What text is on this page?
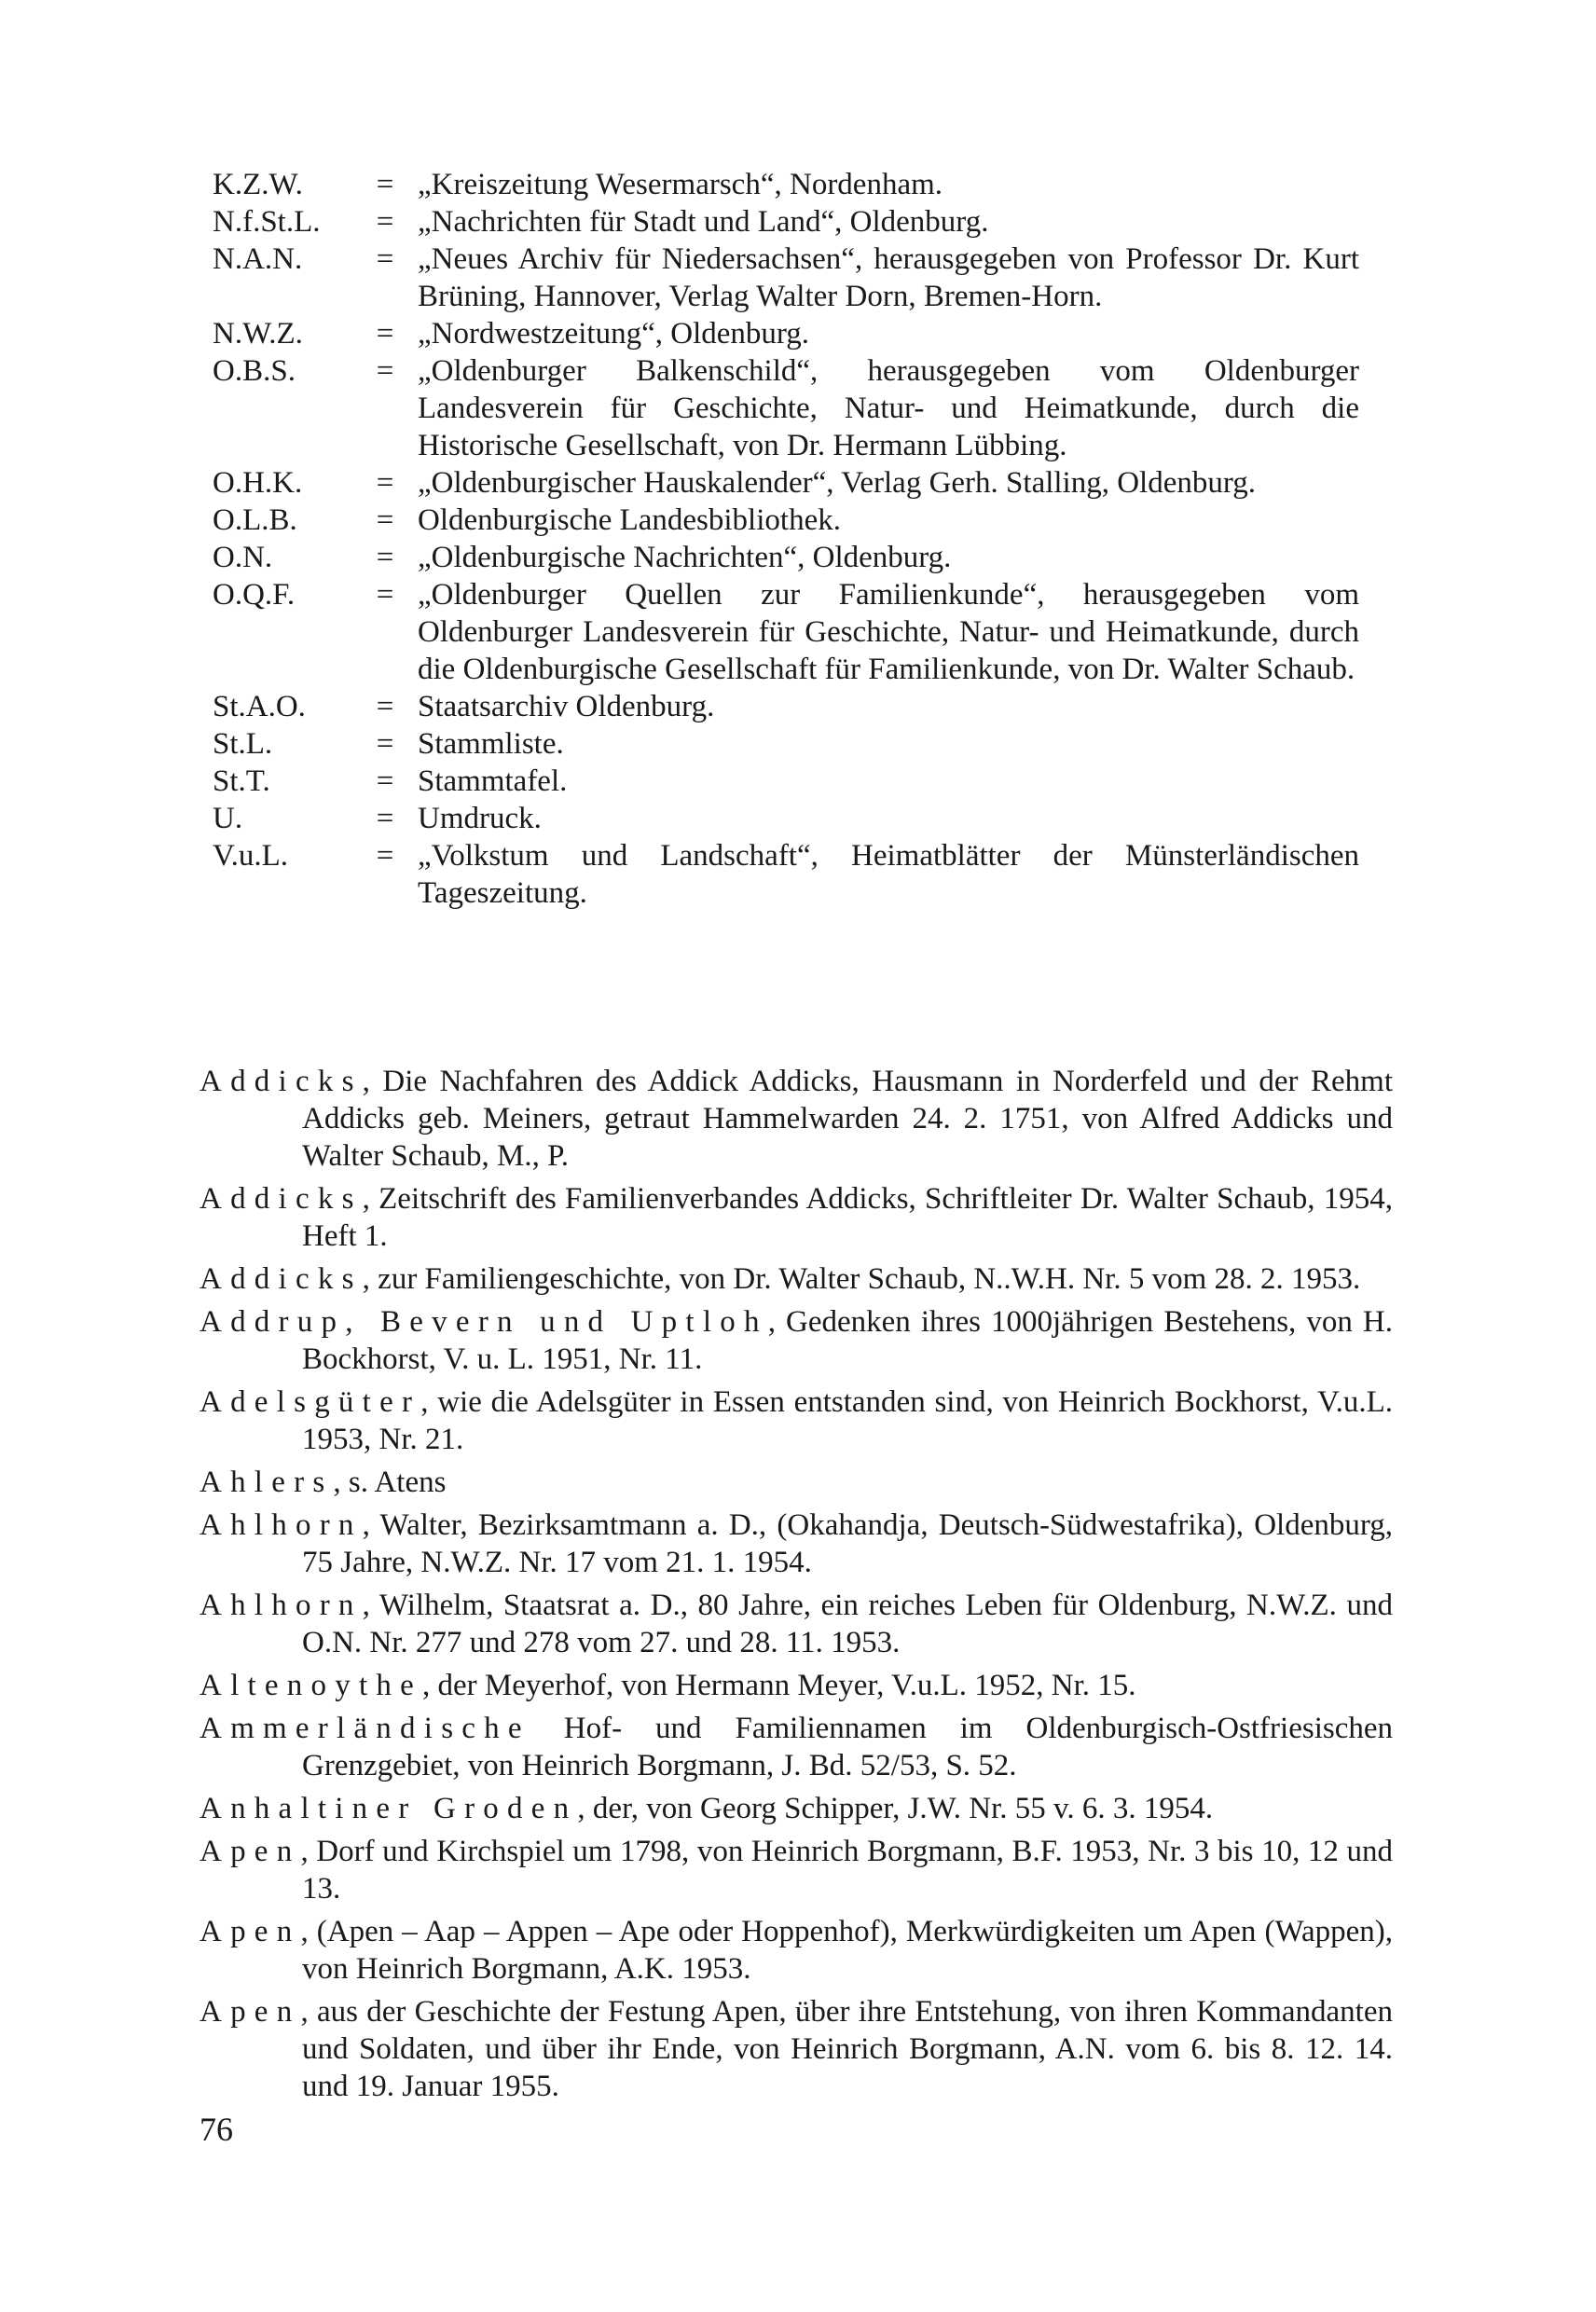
K.Z.W.	= „Kreiszeitung Wesermarsch“, Nordenham.
N.f.St.L.	= „Nachrichten für Stadt und Land“, Oldenburg.
N.A.N.	= „Neues Archiv für Niedersachsen“, herausgegeben von Professor Dr. Kurt Brüning, Hannover, Verlag Walter Dorn, Bremen-Horn.
N.W.Z.	= „Nordwestzeitung“, Oldenburg.
O.B.S.	= „Oldenburger Balkenschild“, herausgegeben vom Oldenburger Landesverein für Geschichte, Natur- und Heimatkunde, durch die Historische Gesellschaft, von Dr. Hermann Lübbing.
O.H.K.	= „Oldenburgischer Hauskalender“, Verlag Gerh. Stalling, Oldenburg.
O.L.B.	= Oldenburgische Landesbibliothek.
O.N.	= „Oldenburgische Nachrichten“, Oldenburg.
O.Q.F.	= „Oldenburger Quellen zur Familienkunde“, herausgegeben vom Oldenburger Landesverein für Geschichte, Natur- und Heimatkunde, durch die Oldenburgische Gesellschaft für Familienkunde, von Dr. Walter Schaub.
St.A.O.	= Staatsarchiv Oldenburg.
St.L.	= Stammliste.
St.T.	= Stammtafel.
U.	= Umdruck.
V.u.L.	= „Volkstum und Landschaft“, Heimatblätter der Münsterländischen Tageszeitung.

Addicks, Die Nachfahren des Addick Addicks, Hausmann in Norderfeld und der Rehmt Addicks geb. Meiners, getraut Hammelwarden 24. 2. 1751, von Alfred Addicks und Walter Schaub, M., P.

Addicks, Zeitschrift des Familienverbandes Addicks, Schriftleiter Dr. Walter Schaub, 1954, Heft 1.

Addicks, zur Familiengeschichte, von Dr. Walter Schaub, N..W.H. Nr. 5 vom 28. 2. 1953.

Addrup, Bevern und Uptloh, Gedenken ihres 1000jährigen Bestehens, von H. Bockhorst, V. u. L. 1951, Nr. 11.

Adelsgüter, wie die Adelsgüter in Essen entstanden sind, von Heinrich Bockhorst, V.u.L. 1953, Nr. 21.

Ahlers, s. Atens

Ahlhorn, Walter, Bezirksamtmann a. D., (Okahandja, Deutsch-Südwestafrika), Oldenburg, 75 Jahre, N.W.Z. Nr. 17 vom 21. 1. 1954.

Ahlhorn, Wilhelm, Staatsrat a. D., 80 Jahre, ein reiches Leben für Oldenburg, N.W.Z. und O.N. Nr. 277 und 278 vom 27. und 28. 11. 1953.

Altenoythe, der Meyerhof, von Hermann Meyer, V.u.L. 1952, Nr. 15.

Ammerländische Hof- und Familiennamen im Oldenburgisch-Ostfriesischen Grenzgebiet, von Heinrich Borgmann, J. Bd. 52/53, S. 52.

Anhaltiner Groden, der, von Georg Schipper, J.W. Nr. 55 v. 6. 3. 1954.

Apen, Dorf und Kirchspiel um 1798, von Heinrich Borgmann, B.F. 1953, Nr. 3 bis 10, 12 und 13.

Apen, (Apen – Aap – Appen – Ape oder Hoppenhof), Merkwürdigkeiten um Apen (Wappen), von Heinrich Borgmann, A.K. 1953.

Apen, aus der Geschichte der Festung Apen, über ihre Entstehung, von ihren Kommandanten und Soldaten, und über ihr Ende, von Heinrich Borgmann, A.N. vom 6. bis 8. 12. 14. und 19. Januar 1955.

76
